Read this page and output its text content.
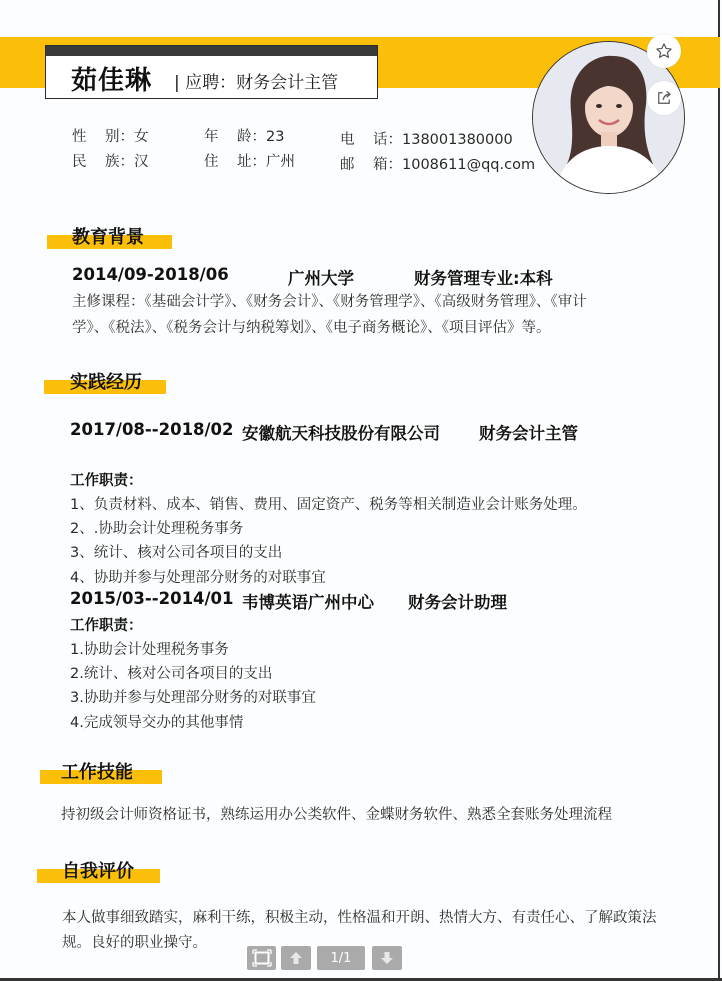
茹佳琳 | 应聘：财务会计主管
性 别：女
民 族：汉
年 龄：23
住 址：广州
电 话：138001380000
邮 箱：1008611@qq.com
教育背景
2014/09-2018/06	广州大学	财务管理专业:本科
主修课程：《基础会计学》、《财务会计》、《财务管理学》、《高级财务管理》、《审计
学》、《税法》、《税务会计与纳税筹划》、《电子商务概论》、《项目评估》等。
实践经历
2017/08--2018/02 安徽航天科技股份有限公司 财务会计主管
工作职责：
1、负责材料、成本、销售、费用、固定资产、税务等相关制造业会计账务处理。
2、.协助会计处理税务事务
3、统计、核对公司各项目的支出
4、协助并参与处理部分财务的对联事宜
2015/03--2014/01 韦博英语广州中心 财务会计助理
工作职责：
1.协助会计处理税务事务
2.统计、核对公司各项目的支出
3.协助并参与处理部分财务的对联事宜
4.完成领导交办的其他事情
工作技能
持初级会计师资格证书，熟练运用办公类软件、金蝶财务软件、熟悉全套账务处理流程
自我评价
本人做事细致踏实，麻利干练，积极主动，性格温和开朗、热情大方、有责任心、了解政策法
规。良好的职业操守。
1/1
